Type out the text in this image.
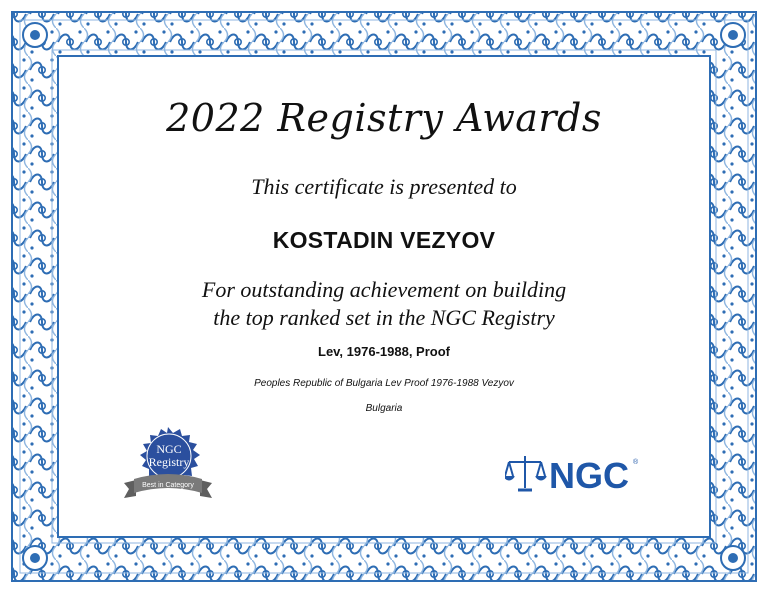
2022 Registry Awards
This certificate is presented to
KOSTADIN VEZYOV
For outstanding achievement on building
the top ranked set in the NGC Registry
Lev, 1976-1988, Proof
Peoples Republic of Bulgaria Lev Proof 1976-1988 Vezyov
Bulgaria
NGC
Registry
Best in Category	NGC ®
